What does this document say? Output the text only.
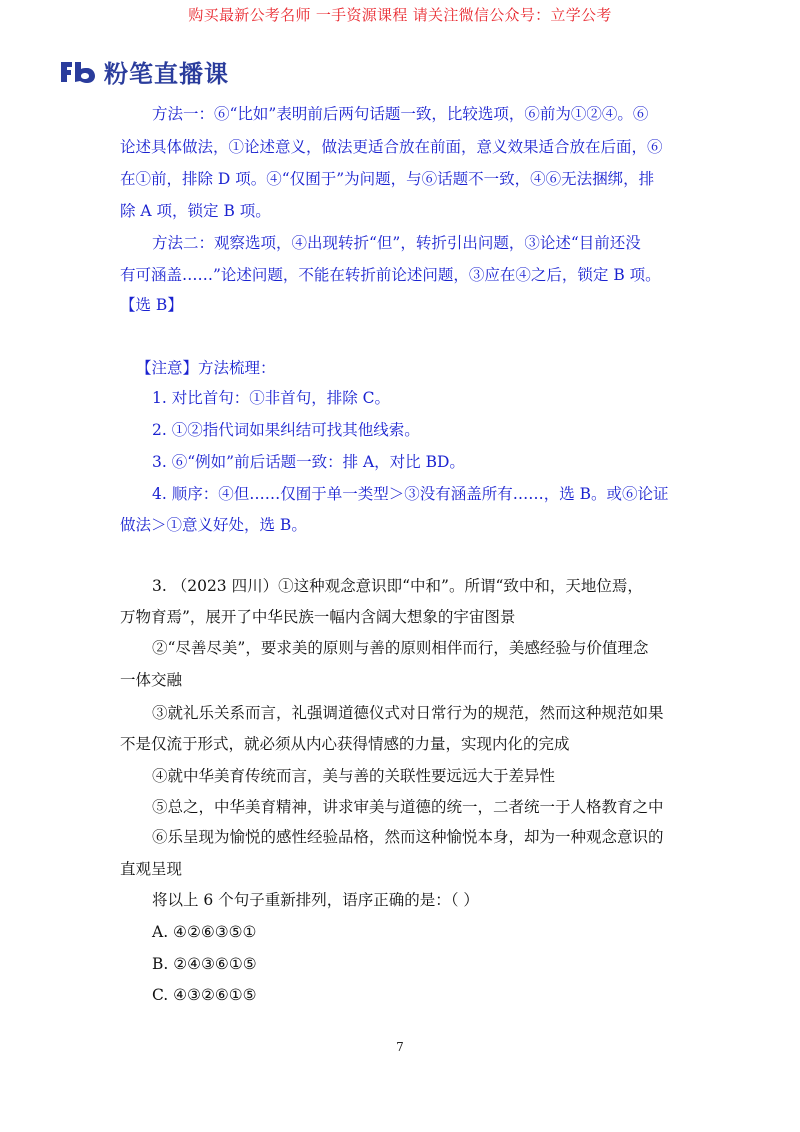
购买最新公考名师 一手资源课程 请关注微信公众号：立学公考
粉笔直播课
方法一：⑥“比如”表明前后两句话题一致，比较选项，⑥前为①②④。⑥
论述具体做法，①论述意义，做法更适合放在前面，意义效果适合放在后面，⑥
在①前，排除 D 项。④“仅囿于”为问题，与⑥话题不一致，④⑥无法捆绑，排
除 A 项，锁定 B 项。
方法二：观察选项，④出现转折“但”，转折引出问题，③论述“目前还没
有可涵盖……”论述问题，不能在转折前论述问题，③应在④之后，锁定 B 项。
【选 B】
【注意】方法梳理：
1. 对比首句：①非首句，排除 C。
2. ①②指代词如果纠结可找其他线索。
3. ⑥“例如”前后话题一致：排 A，对比 BD。
4. 顺序：④但……仅囿于单一类型＞③没有涵盖所有……，选 B。或⑥论证
做法＞①意义好处，选 B。
3. （2023 四川）①这种观念意识即“中和”。所谓“致中和，天地位焉，
万物育焉”，展开了中华民族一幅内含阔大想象的宇宙图景
②“尽善尽美”，要求美的原则与善的原则相伴而行，美感经验与价值理念
一体交融
③就礼乐关系而言，礼强调道德仪式对日常行为的规范，然而这种规范如果
不是仅流于形式，就必须从内心获得情感的力量，实现内化的完成
④就中华美育传统而言，美与善的关联性要远远大于差异性
⑤总之，中华美育精神，讲求审美与道德的统一，二者统一于人格教育之中
⑥乐呈现为愉悦的感性经验品格，然而这种愉悦本身，却为一种观念意识的
直观呈现
将以上 6 个句子重新排列，语序正确的是：（ ）
A. ④②⑥③⑤①
B. ②④③⑥①⑤
C. ④③②⑥①⑤
7
